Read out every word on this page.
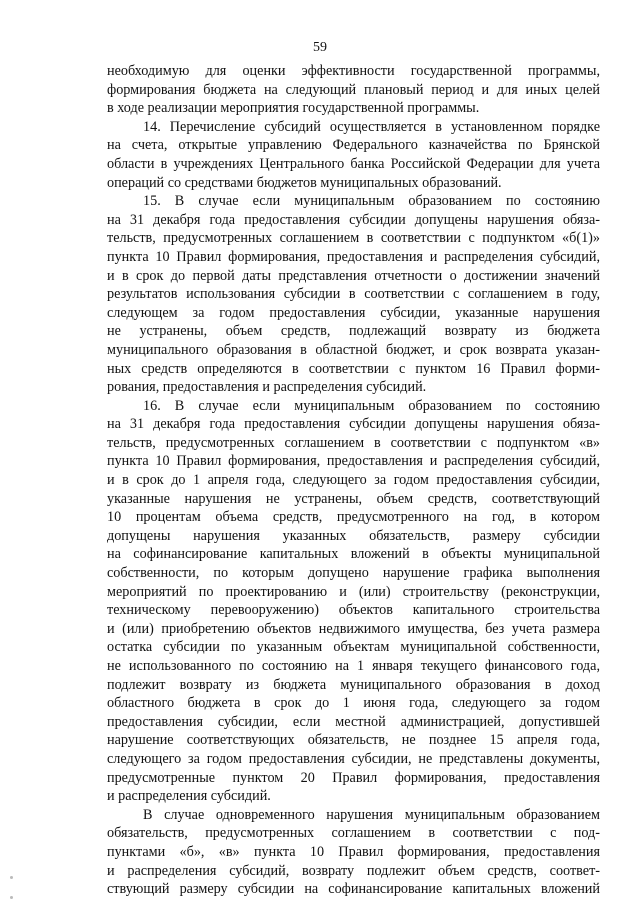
59
необходимую для оценки эффективности государственной программы,
формирования бюджета на следующий плановый период и для иных целей
в ходе реализации мероприятия государственной программы.
14. Перечисление субсидий осуществляется в установленном порядке
на счета, открытые управлению Федерального казначейства по Брянской
области в учреждениях Центрального банка Российской Федерации для учета
операций со средствами бюджетов муниципальных образований.
15. В случае если муниципальным образованием по состоянию
на 31 декабря года предоставления субсидии допущены нарушения обяза-
тельств, предусмотренных соглашением в соответствии с подпунктом «б(1)»
пункта 10 Правил формирования, предоставления и распределения субсидий,
и в срок до первой даты представления отчетности о достижении значений
результатов использования субсидии в соответствии с соглашением в году,
следующем за годом предоставления субсидии, указанные нарушения
не устранены, объем средств, подлежащий возврату из бюджета
муниципального образования в областной бюджет, и срок возврата указан-
ных средств определяются в соответствии с пунктом 16 Правил форми-
рования, предоставления и распределения субсидий.
16. В случае если муниципальным образованием по состоянию
на 31 декабря года предоставления субсидии допущены нарушения обяза-
тельств, предусмотренных соглашением в соответствии с подпунктом «в»
пункта 10 Правил формирования, предоставления и распределения субсидий,
и в срок до 1 апреля года, следующего за годом предоставления субсидии,
указанные нарушения не устранены, объем средств, соответствующий
10 процентам объема средств, предусмотренного на год, в котором
допущены нарушения указанных обязательств, размеру субсидии
на софинансирование капитальных вложений в объекты муниципальной
собственности, по которым допущено нарушение графика выполнения
мероприятий по проектированию и (или) строительству (реконструкции,
техническому перевооружению) объектов капитального строительства
и (или) приобретению объектов недвижимого имущества, без учета размера
остатка субсидии по указанным объектам муниципальной собственности,
не использованного по состоянию на 1 января текущего финансового года,
подлежит возврату из бюджета муниципального образования в доход
областного бюджета в срок до 1 июня года, следующего за годом
предоставления субсидии, если местной администрацией, допустившей
нарушение соответствующих обязательств, не позднее 15 апреля года,
следующего за годом предоставления субсидии, не представлены документы,
предусмотренные пунктом 20 Правил формирования, предоставления
и распределения субсидий.
В случае одновременного нарушения муниципальным образованием
обязательств, предусмотренных соглашением в соответствии с под-
пунктами «б», «в» пункта 10 Правил формирования, предоставления
и распределения субсидий, возврату подлежит объем средств, соответ-
ствующий размеру субсидии на софинансирование капитальных вложений
